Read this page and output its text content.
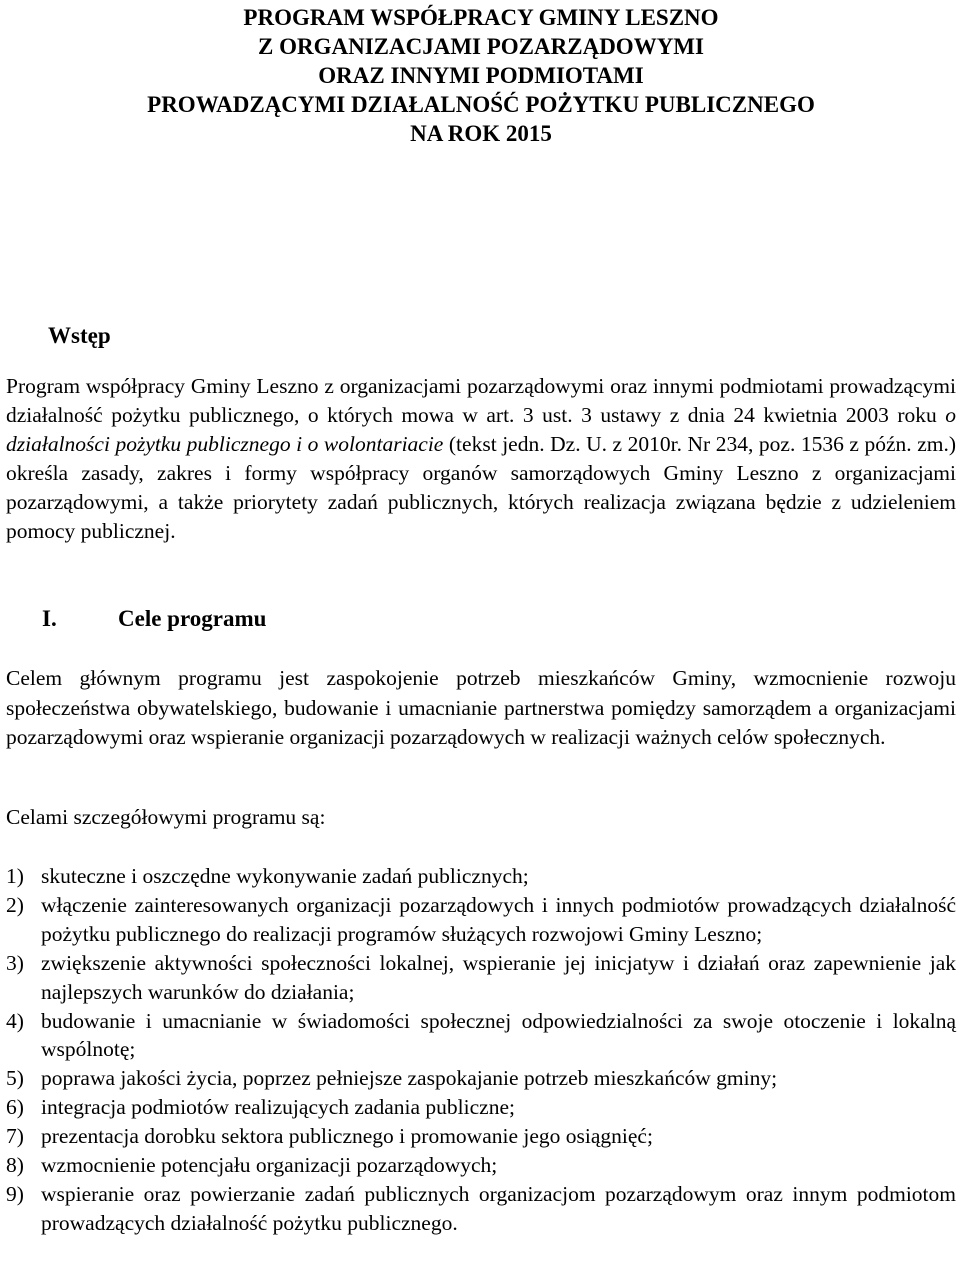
PROGRAM WSPÓŁPRACY GMINY LESZNO
Z ORGANIZACJAMI POZARZĄDOWYMI
ORAZ INNYMI PODMIOTAMI
PROWADZĄCYMI DZIAŁALNOŚĆ POŻYTKU PUBLICZNEGO
NA ROK 2015
Wstęp

Program współpracy Gminy Leszno z organizacjami pozarządowymi oraz innymi podmiotami prowadzącymi działalność pożytku publicznego, o których mowa w art. 3 ust. 3 ustawy z dnia 24 kwietnia 2003 roku o działalności pożytku publicznego i o wolontariacie (tekst jedn. Dz. U. z 2010r. Nr 234, poz. 1536 z późn. zm.) określa zasady, zakres i formy współpracy organów samorządowych Gminy Leszno z organizacjami pozarządowymi, a także priorytety zadań publicznych, których realizacja związana będzie z udzieleniem pomocy publicznej.

I.	Cele programu

Celem głównym programu jest zaspokojenie potrzeb mieszkańców Gminy, wzmocnienie rozwoju społeczeństwa obywatelskiego, budowanie i umacnianie partnerstwa pomiędzy samorządem a organizacjami pozarządowymi oraz wspieranie organizacji pozarządowych w realizacji ważnych celów społecznych.

Celami szczegółowymi programu są:

1) skuteczne i oszczędne wykonywanie zadań publicznych;
2) włączenie zainteresowanych organizacji pozarządowych i innych podmiotów prowadzących działalność pożytku publicznego do realizacji programów służących rozwojowi Gminy Leszno;
3) zwiększenie aktywności społeczności lokalnej, wspieranie jej inicjatyw i działań oraz zapewnienie jak najlepszych warunków do działania;
4) budowanie i umacnianie w świadomości społecznej odpowiedzialności za swoje otoczenie i lokalną wspólnotę;
5) poprawa jakości życia, poprzez pełniejsze zaspokajanie potrzeb mieszkańców gminy;
6) integracja podmiotów realizujących zadania publiczne;
7) prezentacja dorobku sektora publicznego i promowanie jego osiągnięć;
8) wzmocnienie potencjału organizacji pozarządowych;
9) wspieranie oraz powierzanie zadań publicznych organizacjom pozarządowym oraz innym podmiotom prowadzących działalność pożytku publicznego.
